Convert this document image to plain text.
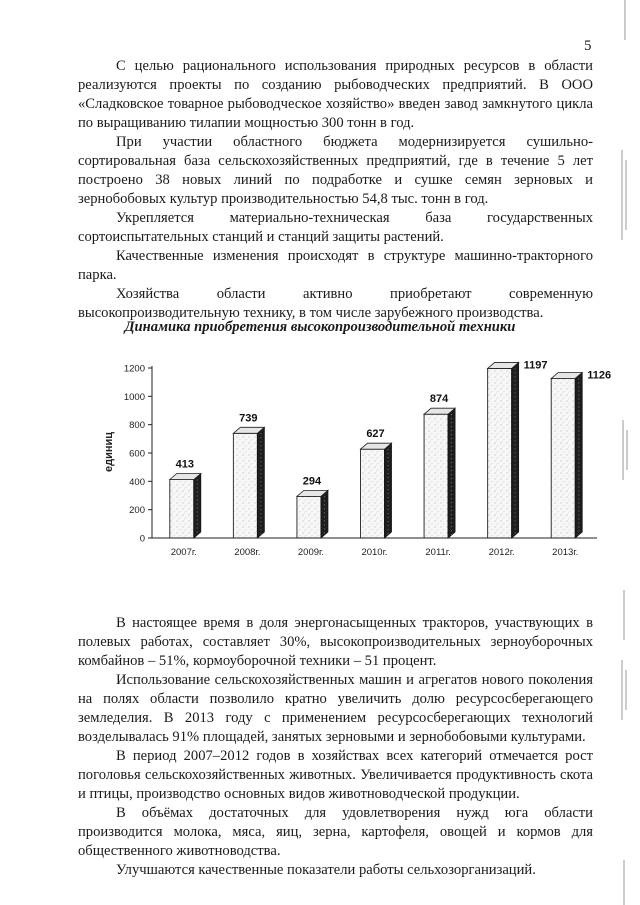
5

С целью рационального использования природных ресурсов в области реализуются проекты по созданию рыбоводческих предприятий. В ООО «Сладковское товарное рыбоводческое хозяйство» введен завод замкнутого цикла по выращиванию тилапии мощностью 300 тонн в год.

При участии областного бюджета модернизируется сушильно-сортировальная база сельскохозяйственных предприятий, где в течение 5 лет построено 38 новых линий по подработке и сушке семян зерновых и зернобобовых культур производительностью 54,8 тыс. тонн в год.

Укрепляется материально-техническая база государственных сортоиспытательных станций и станций защиты растений.

Качественные изменения происходят в структуре машинно-тракторного парка.

Хозяйства области активно приобретают современную высокопроизводительную технику, в том числе зарубежного производства.

Динамика приобретения высокопроизводительной техники
0
200
400
600
800
1000
1200
413
739
294
627
874
1197
1126
2007г.	2008г.	2009г.	2010г.	2011г.	2012г.	2013г.
единиц

В настоящее время в доля энергонасыщенных тракторов, участвующих в полевых работах, составляет 30%, высокопроизводительных зерноуборочных комбайнов – 51%, кормоуборочной техники – 51 процент.

Использование сельскохозяйственных машин и агрегатов нового поколения на полях области позволило кратно увеличить долю ресурсосберегающего земледелия. В 2013 году с применением ресурсосберегающих технологий возделывалась 91% площадей, занятых зерновыми и зернобобовыми культурами.

В период 2007–2012 годов в хозяйствах всех категорий отмечается рост поголовья сельскохозяйственных животных. Увеличивается продуктивность скота и птицы, производство основных видов животноводческой продукции.

В объёмах достаточных для удовлетворения нужд юга области производится молока, мяса, яиц, зерна, картофеля, овощей и кормов для общественного животноводства.

Улучшаются качественные показатели работы сельхозорганизаций.
